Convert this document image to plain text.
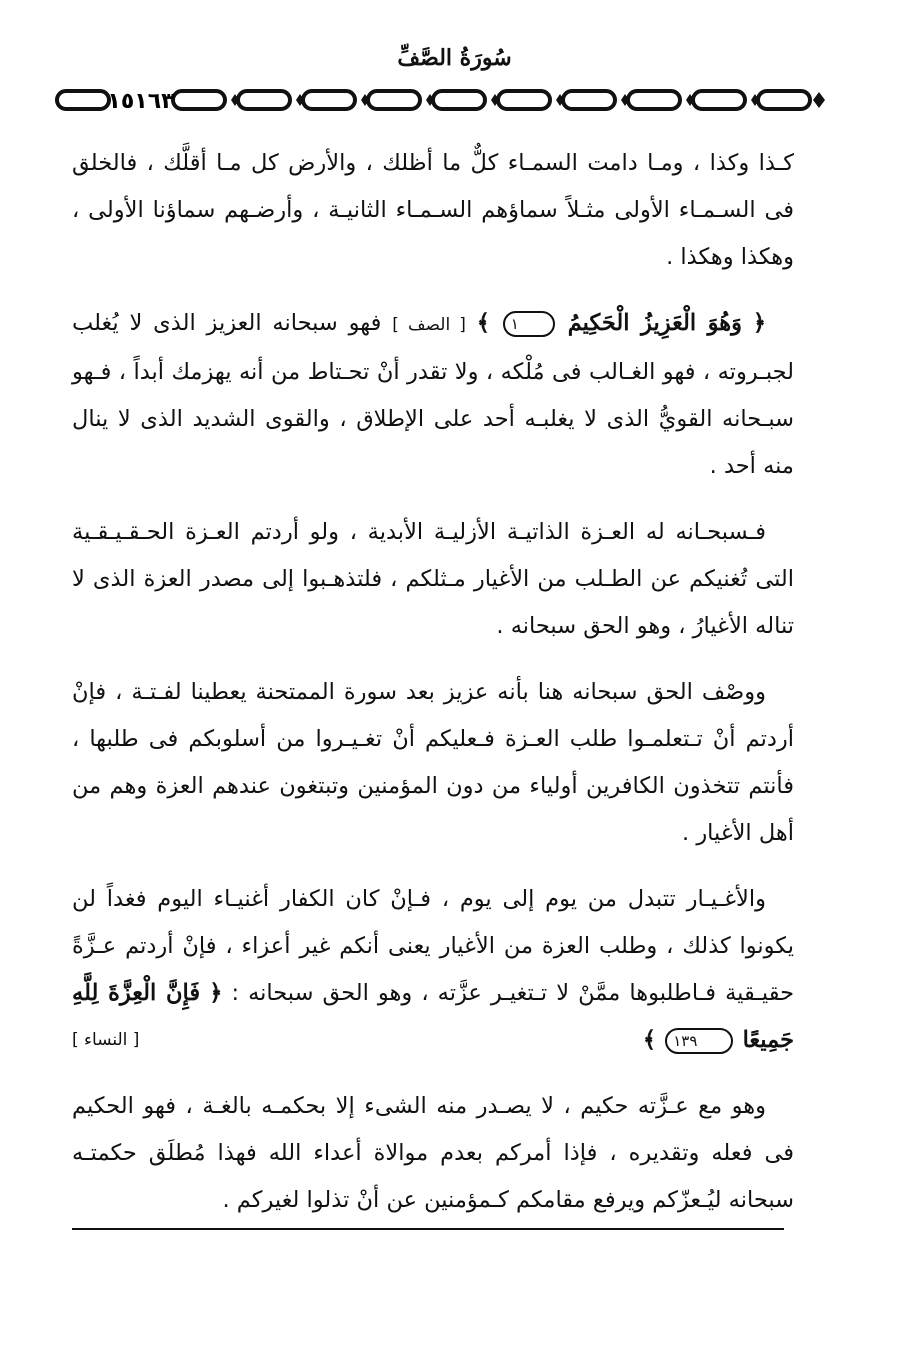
سُورَةُ الصَّفِّ
١٥١٦٣

كـذا وكذا ، ومـا دامت السمـاء كلٌّ ما أظلك ، والأرض كل مـا أقلَّك ، فالخلق فى السـمـاء الأولى مثـلاً سماؤهم السـمـاء الثانيـة ، وأرضـهم سماؤنا الأولى ، وهكذا وهكذا .

﴿ وَهُوَ الْعَزِيزُ الْحَكِيمُ ١ ﴾ [ الصف ] فهو سبحانه العزيز الذى لا يُغلب لجبـروته ، فهو الغـالب فى مُلْكه ، ولا تقدر أنْ تحـتاط من أنه يهزمك أبداً ، فـهو سبـحانه القويُّ الذى لا يغلبـه أحد على الإطلاق ، والقوى الشديد الذى لا ينال منه أحد .

فـسبحـانه له العـزة الذاتيـة الأزليـة الأبدية ، ولو أردتم العـزة الحـقـيـقـية التى تُغنيكم عن الطـلب من الأغيار مـثلكم ، فلتذهـبوا إلى مصدر العزة الذى لا تناله الأغيارُ ، وهو الحق سبحانه .

ووصْف الحق سبحانه هنا بأنه عزيز بعد سورة الممتحنة يعطينا لفـتـة ، فإنْ أردتم أنْ تـتعلمـوا طلب العـزة فـعليكم أنْ تغـيـروا من أسلوبكم فى طلبها ، فأنتم تتخذون الكافرين أولياء من دون المؤمنين وتبتغون عندهم العزة وهم من أهل الأغيار .

والأغـيـار تتبدل من يوم إلى يوم ، فـإنْ كان الكفار أغنيـاء اليوم فغداً لن يكونوا كذلك ، وطلب العزة من الأغيار يعنى أنكم غير أعزاء ، فإنْ أردتم عـزَّةً حقيـقية فـاطلبوها ممَّنْ لا تـتغيـر عزَّته ، وهو الحق سبحانه : ﴿ فَإِنَّ الْعِزَّةَ لِلَّهِ جَمِيعًا ١٣٩ ﴾
[ النساء ]

وهو مع عـزَّته حكيم ، لا يصـدر منه الشىء إلا بحكمـه بالغـة ، فهو الحكيم فى فعله وتقديره ، فإذا أمركم بعدم موالاة أعداء الله فهذا مُطلَق حكمتـه سبحانه ليُـعزّكم ويرفع مقامكم كـمؤمنين عن أنْ تذلوا لغيركم .
